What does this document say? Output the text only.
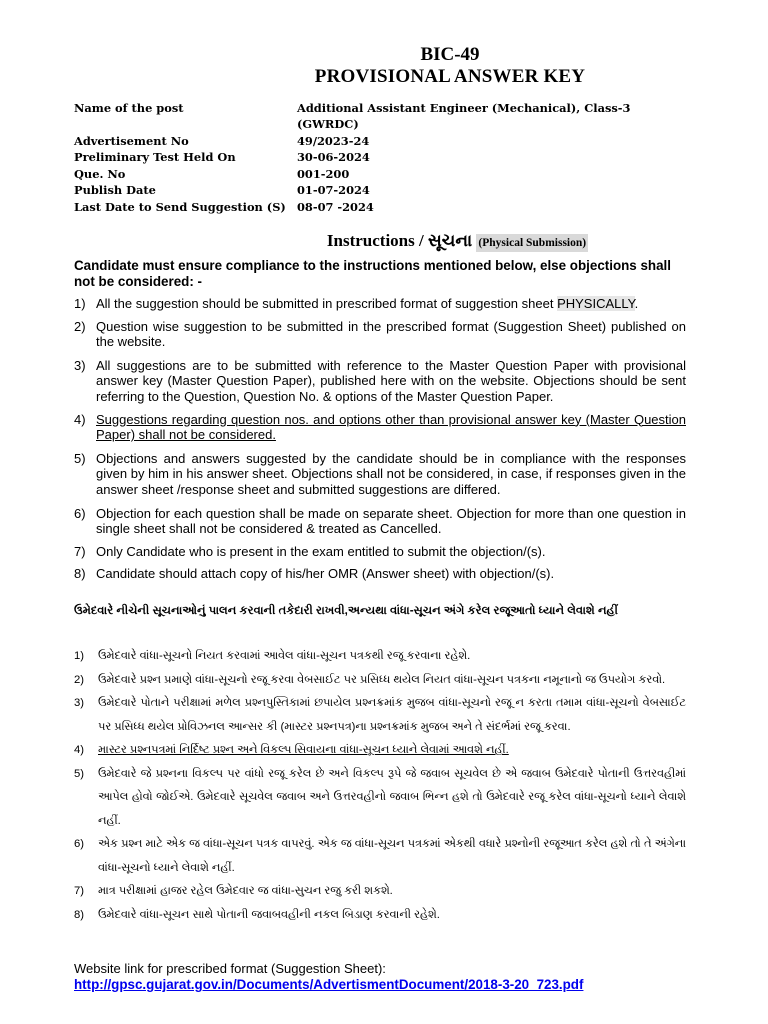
BIC-49
PROVISIONAL ANSWER KEY
Name of the post	Additional Assistant Engineer (Mechanical), Class-3 (GWRDC)
Advertisement No	49/2023-24
Preliminary Test Held On	30-06-2024
Que. No	001-200
Publish Date	01-07-2024
Last Date to Send Suggestion (S) 08-07 -2024
Instructions / સૂચના (Physical Submission)
Candidate must ensure compliance to the instructions mentioned below, else objections shall not be considered: -
1) All the suggestion should be submitted in prescribed format of suggestion sheet PHYSICALLY.
2) Question wise suggestion to be submitted in the prescribed format (Suggestion Sheet) published on the website.
3) All suggestions are to be submitted with reference to the Master Question Paper with provisional answer key (Master Question Paper), published here with on the website. Objections should be sent referring to the Question, Question No. & options of the Master Question Paper.
4) Suggestions regarding question nos. and options other than provisional answer key (Master Question Paper) shall not be considered.
5) Objections and answers suggested by the candidate should be in compliance with the responses given by him in his answer sheet. Objections shall not be considered, in case, if responses given in the answer sheet /response sheet and submitted suggestions are differed.
6) Objection for each question shall be made on separate sheet. Objection for more than one question in single sheet shall not be considered & treated as Cancelled.
7) Only Candidate who is present in the exam entitled to submit the objection/(s).
8) Candidate should attach copy of his/her OMR (Answer sheet) with objection/(s).
ઉમેદવારે નીચેની સૂચનાઓનું પાલન કરવાની તકેદારી રાખવી,અન્યથા વાંધા-સૂચન અંગે કરેલ રજૂઆતો ધ્યાને લેવાશે નહીં
1)	ઉમેદવારે વાંધા-સૂચનો નિયત કરવામાં આવેલ વાંધા-સૂચન પત્રકથી રજૂ કરવાના રહેશે.
2)	ઉમેદવારે પ્રશ્ન પ્રમાણે વાંધા-સૂચનો રજૂ કરવા વેબસાઈટ પર પ્રસિધ્ધ થયેલ નિયત વાંધા-સૂચન પત્રકના નમૂનાનો જ ઉપયોગ કરવો.
3)	ઉમેદવારે પોતાને પરીક્ષામાં મળેલ પ્રશ્નપુસ્તિકામાં છપાયેલ પ્રશ્નક્રમાંક મુજબ વાંધા-સૂચનો રજૂ ન કરતા તમામ વાંધા-સૂચનો વેબસાઈટ પર પ્રસિધ્ધ થયેલ પ્રોવિઝનલ આન્સર કી (માસ્ટર પ્રશ્નપત્ર)ના પ્રશ્નક્રમાંક મુજબ અને તે સંદર્ભમાં રજૂ કરવા.
4)	માસ્ટર પ્રશ્નપત્રમાં નિર્દિષ્ટ પ્રશ્ન અને વિકલ્પ સિવાયના વાંધા-સૂચન ધ્યાને લેવામાં આવશે નહીં.
5)	ઉમેદવારે જે પ્રશ્નના વિકલ્પ પર વાંધો રજૂ કરેલ છે અને વિકલ્પ રૂપે જે જવાબ સૂચવેલ છે એ જવાબ ઉમેદવારે પોતાની ઉત્તરવહીમાં આપેલ હોવો જોઈએ. ઉમેદવારે સૂચવેલ જવાબ અને ઉત્તરવહીનો જવાબ ભિન્ન હશે તો ઉમેદવારે રજૂ કરેલ વાંધા-સૂચનો ધ્યાને લેવાશે નહીં.
6)	એક પ્રશ્ન માટે એક જ વાંધા-સૂચન પત્રક વાપરવું. એક જ વાંધા-સૂચન પત્રકમાં એકથી વધારે પ્રશ્નોની રજૂઆત કરેલ હશે તો તે અંગેના વાંધા-સૂચનો ધ્યાને લેવાશે નહીં.
7)	માત્ર પરીક્ષામાં હાજર રહેલ ઉમેદવાર જ વાંધા-સુચન રજુ કરી શકશે.
8)	ઉમેદવારે વાંધા-સૂચન સાથે પોતાની જવાબવહીની નકલ બિડાણ કરવાની રહેશે.
Website link for prescribed format (Suggestion Sheet):
http://gpsc.gujarat.gov.in/Documents/AdvertismentDocument/2018-3-20_723.pdf
